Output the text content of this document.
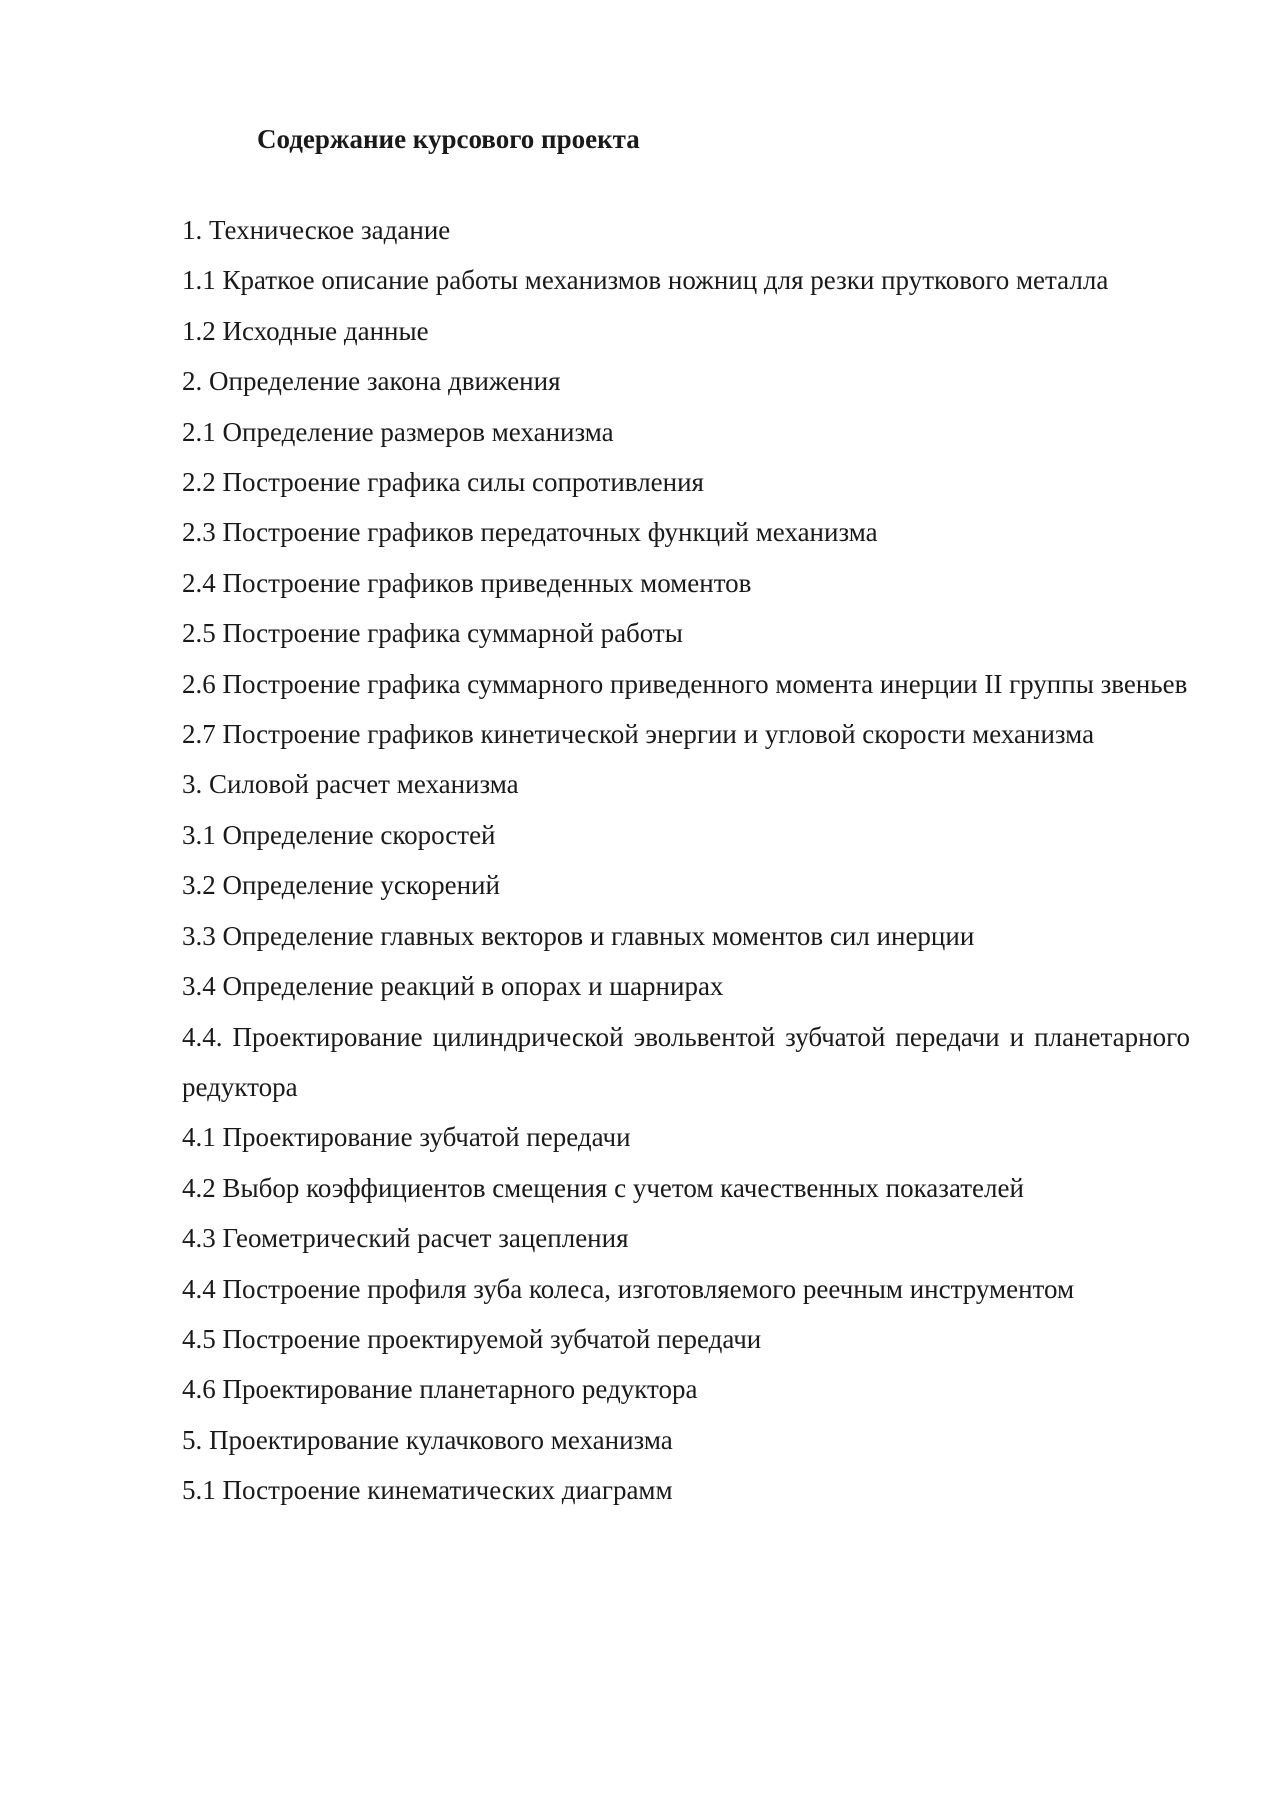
Содержание курсового проекта
1. Техническое задание
1.1 Краткое описание работы механизмов ножниц для резки пруткового металла
1.2 Исходные данные
2. Определение закона движения
2.1 Определение размеров механизма
2.2 Построение графика силы сопротивления
2.3 Построение графиков передаточных функций механизма
2.4 Построение графиков приведенных моментов
2.5 Построение графика суммарной работы
2.6 Построение графика суммарного приведенного момента инерции II группы звеньев
2.7 Построение графиков кинетической энергии и угловой скорости механизма
3. Силовой расчет механизма
3.1 Определение скоростей
3.2 Определение ускорений
3.3 Определение главных векторов и главных моментов сил инерции
3.4 Определение реакций в опорах и шарнирах
4.4. Проектирование цилиндрической эвольвентой зубчатой передачи и планетарного редуктора
4.1 Проектирование зубчатой передачи
4.2 Выбор коэффициентов смещения с учетом качественных показателей
4.3 Геометрический расчет зацепления
4.4 Построение профиля зуба колеса, изготовляемого реечным инструментом
4.5 Построение проектируемой зубчатой передачи
4.6 Проектирование планетарного редуктора
5. Проектирование кулачкового механизма
5.1 Построение кинематических диаграмм
